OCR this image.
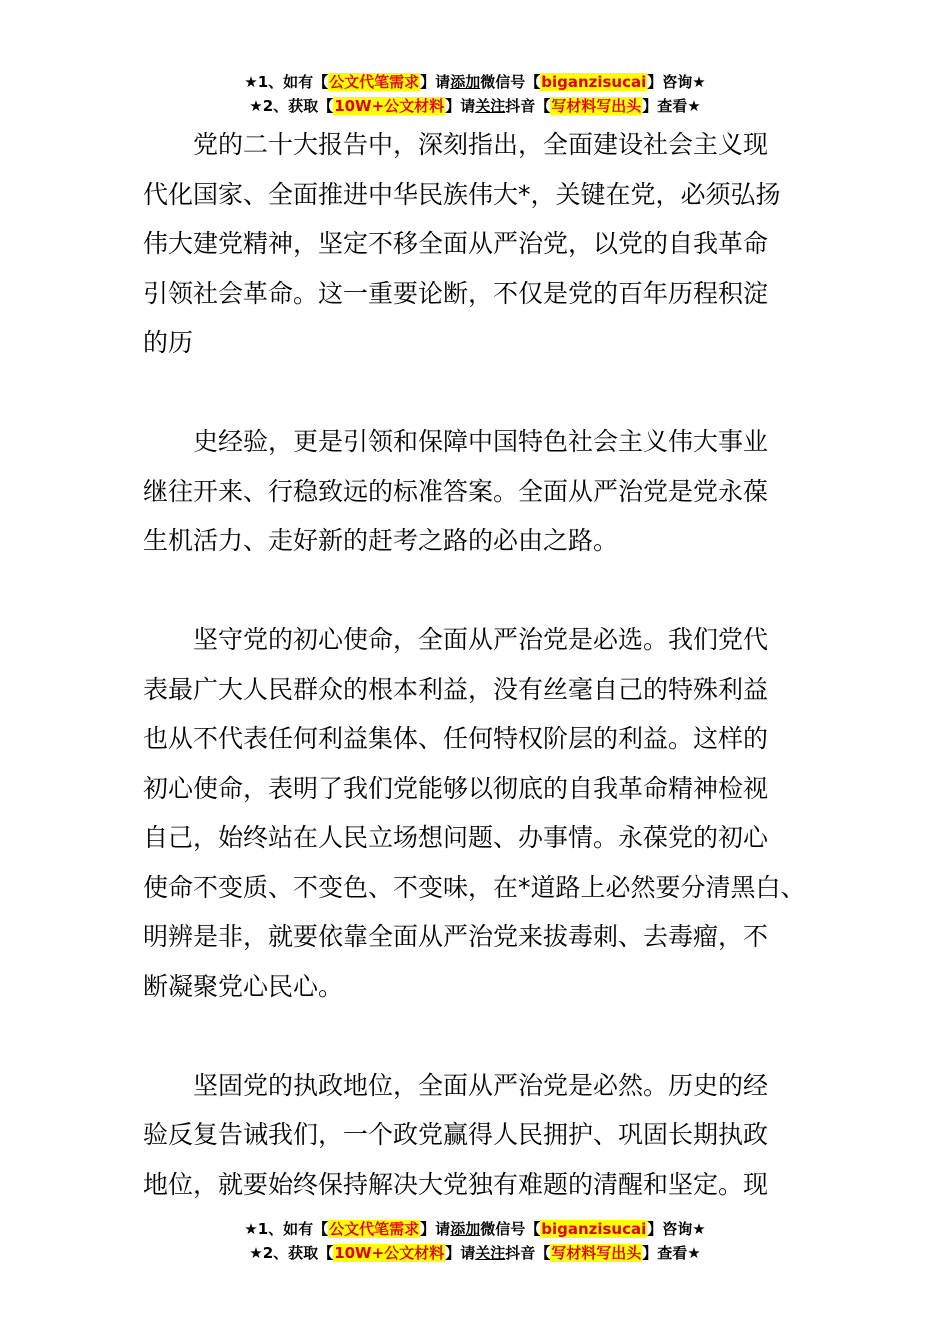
★1、如有【公文代笔需求】请添加微信号【biganzisucai】咨询★
★2、获取【10W+公文材料】请关注抖音【写材料写出头】查看★

　　党的二十大报告中，深刻指出，全面建设社会主义现
代化国家、全面推进中华民族伟大*，关键在党，必须弘扬
伟大建党精神，坚定不移全面从严治党，以党的自我革命
引领社会革命。这一重要论断，不仅是党的百年历程积淀
的历

　　史经验，更是引领和保障中国特色社会主义伟大事业
继往开来、行稳致远的标准答案。全面从严治党是党永葆
生机活力、走好新的赶考之路的必由之路。

　　坚守党的初心使命，全面从严治党是必选。我们党代
表最广大人民群众的根本利益，没有丝毫自己的特殊利益
也从不代表任何利益集体、任何特权阶层的利益。这样的
初心使命，表明了我们党能够以彻底的自我革命精神检视
自己，始终站在人民立场想问题、办事情。永葆党的初心
使命不变质、不变色、不变味，在*道路上必然要分清黑白、
明辨是非，就要依靠全面从严治党来拔毒刺、去毒瘤，不
断凝聚党心民心。

　　坚固党的执政地位，全面从严治党是必然。历史的经
验反复告诫我们，一个政党赢得人民拥护、巩固长期执政
地位，就要始终保持解决大党独有难题的清醒和坚定。现

★1、如有【公文代笔需求】请添加微信号【biganzisucai】咨询★
★2、获取【10W+公文材料】请关注抖音【写材料写出头】查看★
